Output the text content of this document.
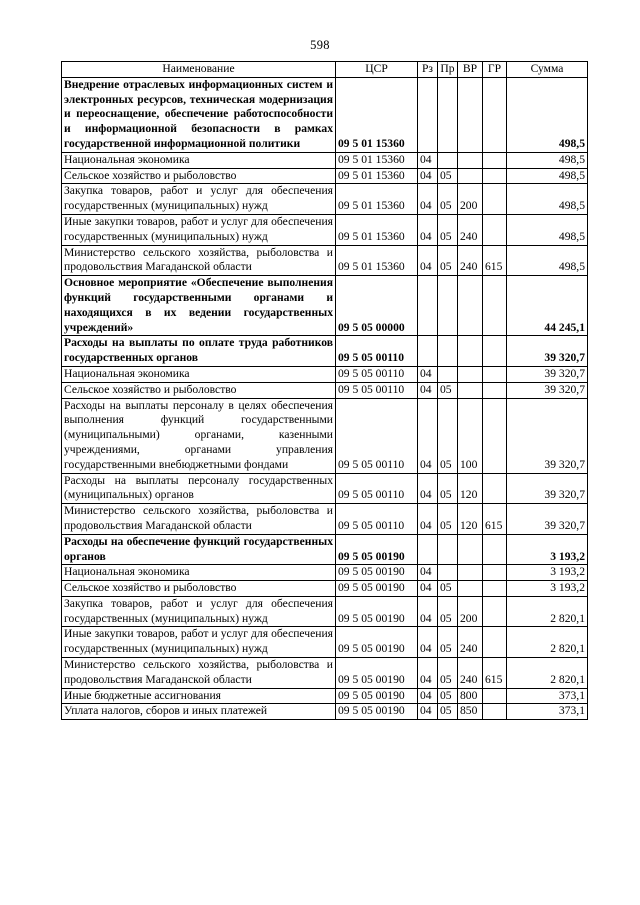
598
Наименование	ЦСР	Рз	Пр	ВР	ГР	Сумма
Внедрение отраслевых информационных систем и электронных ресурсов, техническая модернизация и переоснащение, обеспечение работоспособности и информационной безопасности в рамках государственной информационной политики	09 5 01 15360					498,5
Национальная экономика	09 5 01 15360	04				498,5
Сельское хозяйство и рыболовство	09 5 01 15360	04	05			498,5
Закупка товаров, работ и услуг для обеспечения государственных (муниципальных) нужд	09 5 01 15360	04	05	200		498,5
Иные закупки товаров, работ и услуг для обеспечения государственных (муниципальных) нужд	09 5 01 15360	04	05	240		498,5
Министерство сельского хозяйства, рыболовства и продовольствия Магаданской области	09 5 01 15360	04	05	240	615	498,5
Основное мероприятие «Обеспечение выполнения функций государственными органами и находящихся в их ведении государственных учреждений»	09 5 05 00000					44 245,1
Расходы на выплаты по оплате труда работников государственных органов	09 5 05 00110					39 320,7
Национальная экономика	09 5 05 00110	04				39 320,7
Сельское хозяйство и рыболовство	09 5 05 00110	04	05			39 320,7
Расходы на выплаты персоналу в целях обеспечения выполнения функций государственными (муниципальными) органами, казенными учреждениями, органами управления государственными внебюджетными фондами	09 5 05 00110	04	05	100		39 320,7
Расходы на выплаты персоналу государственных (муниципальных) органов	09 5 05 00110	04	05	120		39 320,7
Министерство сельского хозяйства, рыболовства и продовольствия Магаданской области	09 5 05 00110	04	05	120	615	39 320,7
Расходы на обеспечение функций государственных органов	09 5 05 00190					3 193,2
Национальная экономика	09 5 05 00190	04				3 193,2
Сельское хозяйство и рыболовство	09 5 05 00190	04	05			3 193,2
Закупка товаров, работ и услуг для обеспечения государственных (муниципальных) нужд	09 5 05 00190	04	05	200		2 820,1
Иные закупки товаров, работ и услуг для обеспечения государственных (муниципальных) нужд	09 5 05 00190	04	05	240		2 820,1
Министерство сельского хозяйства, рыболовства и продовольствия Магаданской области	09 5 05 00190	04	05	240	615	2 820,1
Иные бюджетные ассигнования	09 5 05 00190	04	05	800		373,1
Уплата налогов, сборов и иных платежей	09 5 05 00190	04	05	850		373,1
